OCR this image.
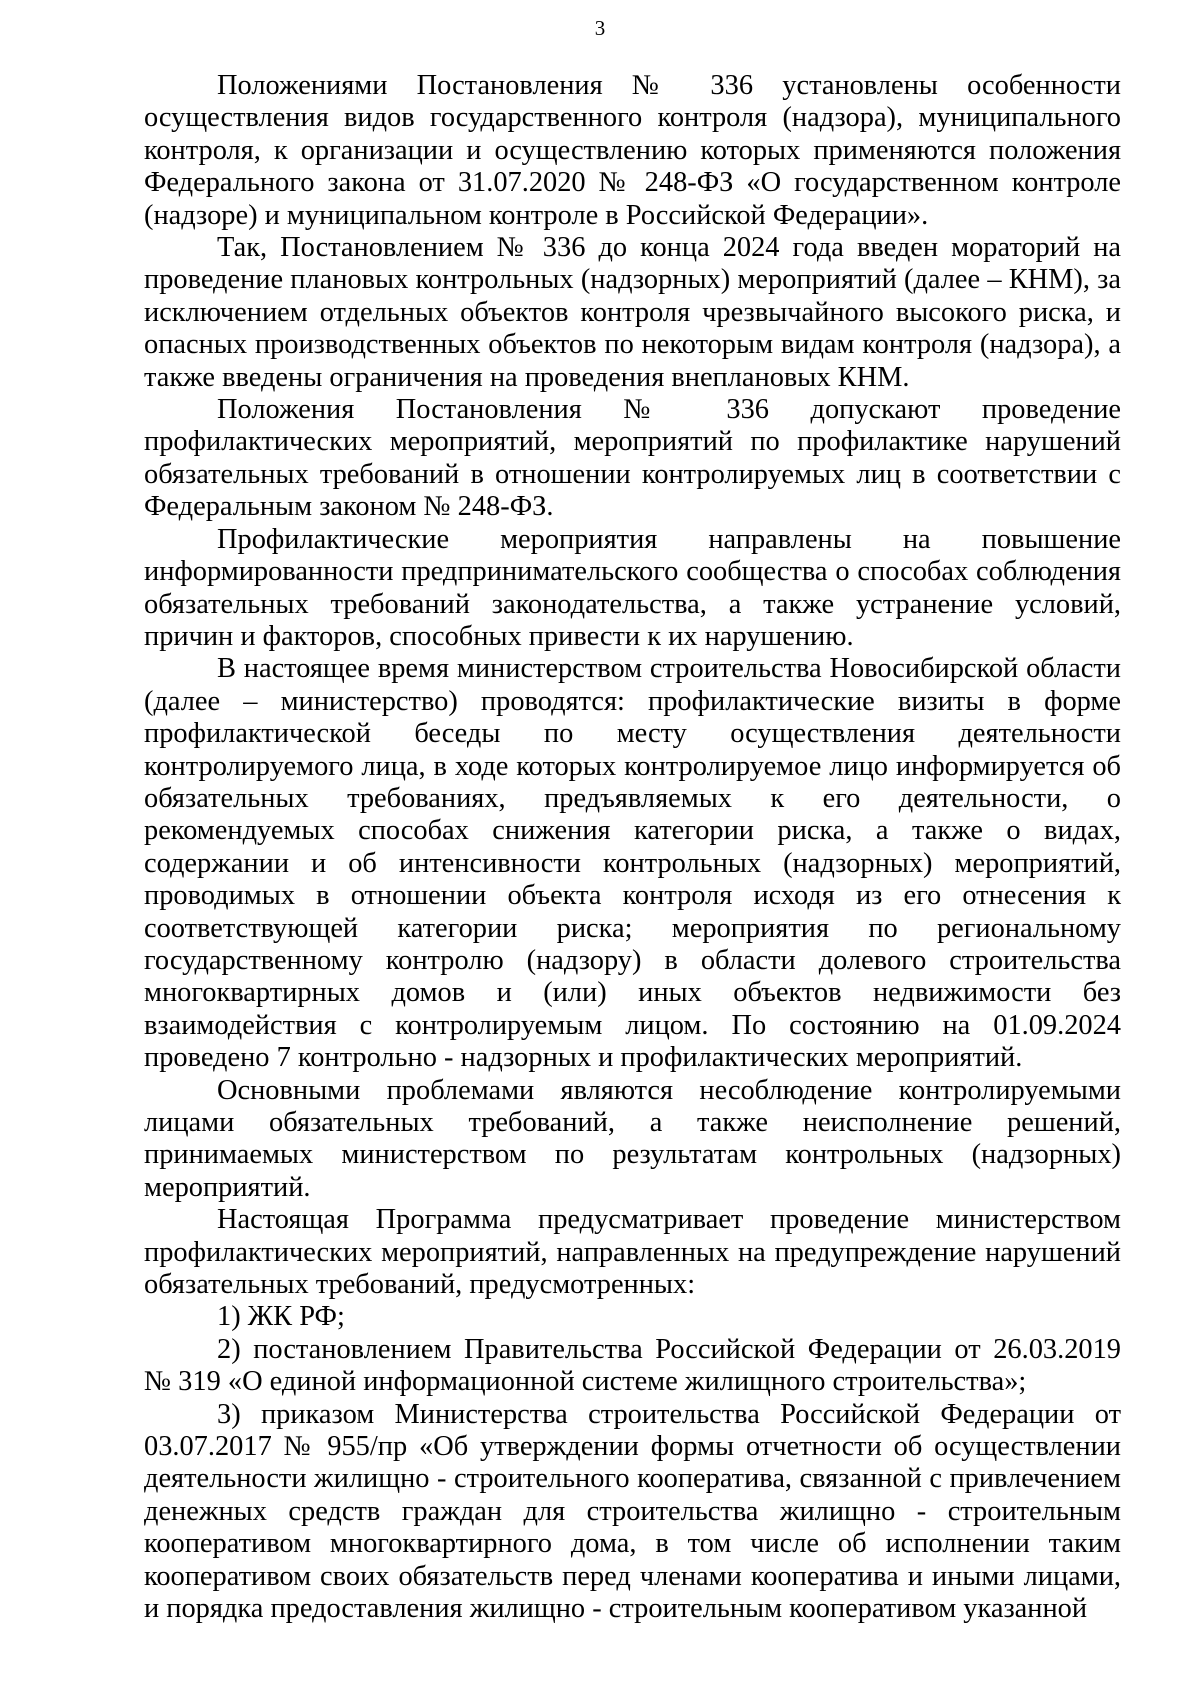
3

Положениями Постановления № 336 установлены особенности осуществления видов государственного контроля (надзора), муниципального контроля, к организации и осуществлению которых применяются положения Федерального закона от 31.07.2020 № 248-ФЗ «О государственном контроле (надзоре) и муниципальном контроле в Российской Федерации».

Так, Постановлением № 336 до конца 2024 года введен мораторий на проведение плановых контрольных (надзорных) мероприятий (далее – КНМ), за исключением отдельных объектов контроля чрезвычайного высокого риска, и опасных производственных объектов по некоторым видам контроля (надзора), а также введены ограничения на проведения внеплановых КНМ.

Положения Постановления № 336 допускают проведение профилактических мероприятий, мероприятий по профилактике нарушений обязательных требований в отношении контролируемых лиц в соответствии с Федеральным законом № 248-ФЗ.

Профилактические мероприятия направлены на повышение информированности предпринимательского сообщества о способах соблюдения обязательных требований законодательства, а также устранение условий, причин и факторов, способных привести к их нарушению.

В настоящее время министерством строительства Новосибирской области (далее – министерство) проводятся: профилактические визиты в форме профилактической беседы по месту осуществления деятельности контролируемого лица, в ходе которых контролируемое лицо информируется об обязательных требованиях, предъявляемых к его деятельности, о рекомендуемых способах снижения категории риска, а также о видах, содержании и об интенсивности контрольных (надзорных) мероприятий, проводимых в отношении объекта контроля исходя из его отнесения к соответствующей категории риска; мероприятия по региональному государственному контролю (надзору) в области долевого строительства многоквартирных домов и (или) иных объектов недвижимости без взаимодействия с контролируемым лицом. По состоянию на 01.09.2024 проведено 7 контрольно - надзорных и профилактических мероприятий.

Основными проблемами являются несоблюдение контролируемыми лицами обязательных требований, а также неисполнение решений, принимаемых министерством по результатам контрольных (надзорных) мероприятий.

Настоящая Программа предусматривает проведение министерством профилактических мероприятий, направленных на предупреждение нарушений обязательных требований, предусмотренных:

1) ЖК РФ;

2) постановлением Правительства Российской Федерации от 26.03.2019 № 319 «О единой информационной системе жилищного строительства»;

3) приказом Министерства строительства Российской Федерации от 03.07.2017 № 955/пр «Об утверждении формы отчетности об осуществлении деятельности жилищно - строительного кооператива, связанной с привлечением денежных средств граждан для строительства жилищно - строительным кооперативом многоквартирного дома, в том числе об исполнении таким кооперативом своих обязательств перед членами кооператива и иными лицами, и порядка предоставления жилищно - строительным кооперативом указанной
